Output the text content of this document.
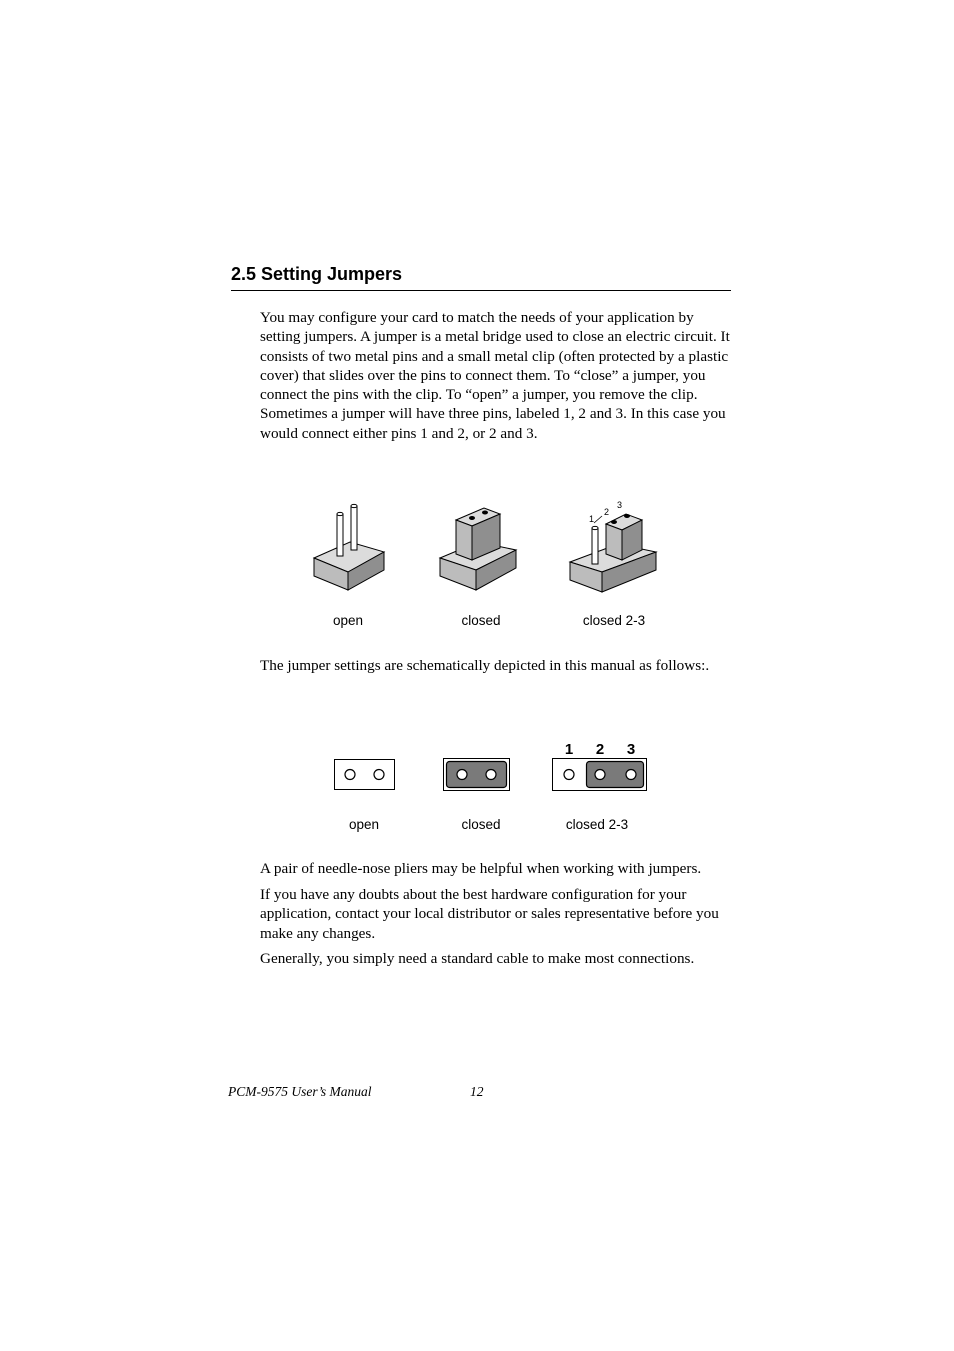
2.5 Setting Jumpers

You may configure your card to match the needs of your application by setting jumpers. A jumper is a metal bridge used to close an electric circuit. It consists of two metal pins and a small metal clip (often protected by a plastic cover) that slides over the pins to connect them. To “close” a jumper, you connect the pins with the clip. To “open” a jumper, you remove the clip. Sometimes a jumper will have three pins, labeled 1, 2 and 3. In this case you would connect either pins 1 and 2, or 2 and 3.

1
2
3
open	closed	closed 2-3

The jumper settings are schematically depicted in this manual as follows:.

1 2 3
open	closed	closed 2-3

A pair of needle-nose pliers may be helpful when working with jumpers.

If you have any doubts about the best hardware configuration for your application, contact your local distributor or sales representative before you make any changes.

Generally, you simply need a standard cable to make most connections.

PCM-9575 User’s Manual	12
